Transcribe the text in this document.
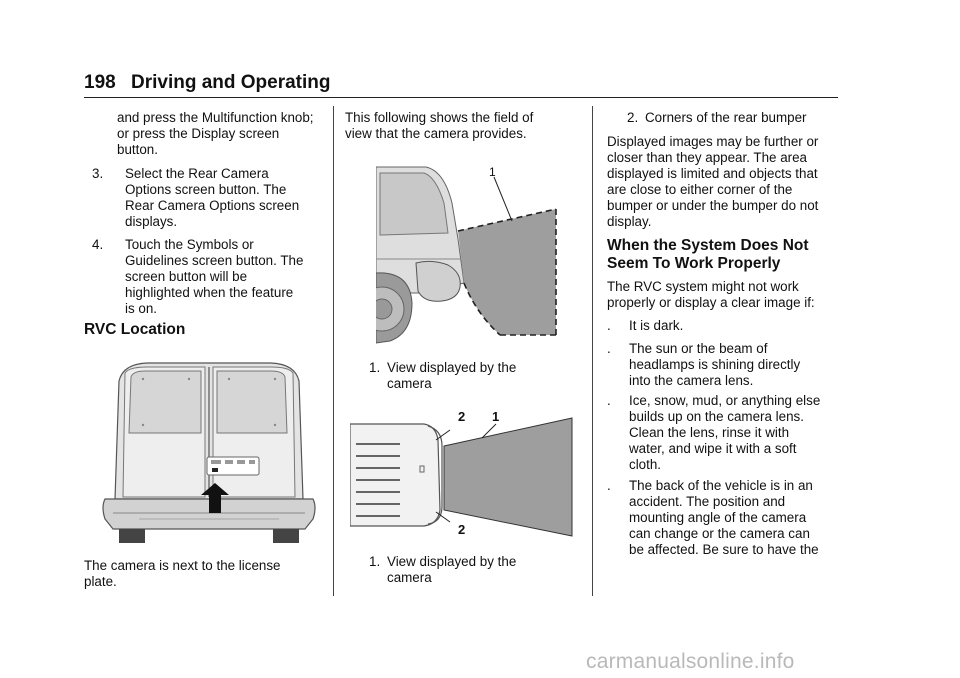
198 Driving and Operating
and press the Multifunction knob; or press the Display screen button.
3. Select the Rear Camera
Options screen button. The
Rear Camera Options screen
displays.
4. Touch the Symbols or
Guidelines screen button. The
screen button will be
highlighted when the feature
is on.
RVC Location
The camera is next to the license
plate.
This following shows the field of
view that the camera provides.
1
1. View displayed by the
camera
2 1
2
1. View displayed by the
camera
2. Corners of the rear bumper
Displayed images may be further or
closer than they appear. The area
displayed is limited and objects that
are close to either corner of the
bumper or under the bumper do not
display.
When the System Does Not
Seem To Work Properly
The RVC system might not work
properly or display a clear image if:
. It is dark.
. The sun or the beam of
headlamps is shining directly
into the camera lens.
. Ice, snow, mud, or anything else
builds up on the camera lens.
Clean the lens, rinse it with
water, and wipe it with a soft
cloth.
. The back of the vehicle is in an
accident. The position and
mounting angle of the camera
can change or the camera can
be affected. Be sure to have the
carmanualsonline.info
